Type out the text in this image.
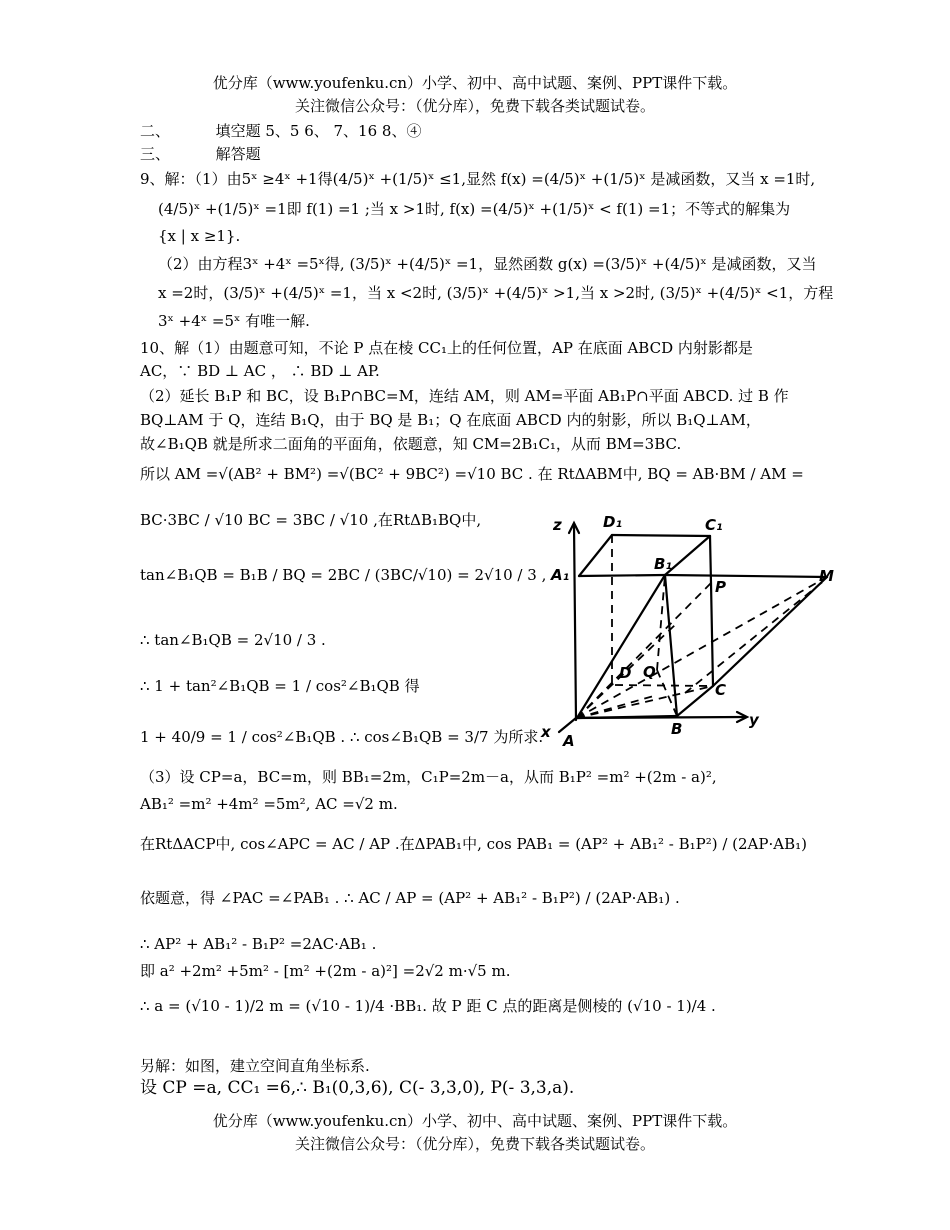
优分库（www.youfenku.cn）小学、初中、高中试题、案例、PPT课件下载。
关注微信公众号：（优分库），免费下载各类试题试卷。
二、	填空题 5、5 6、 7、16 8、④
三、	解答题
9、解：（1）由5ˣ ≥4ˣ +1得(4/5)ˣ +(1/5)ˣ ≤1,显然 f(x) =(4/5)ˣ +(1/5)ˣ 是减函数，又当 x =1时,
(4/5)ˣ +(1/5)ˣ =1即 f(1) =1 ;当 x >1时, f(x) =(4/5)ˣ +(1/5)ˣ < f(1) =1；不等式的解集为
{x | x ≥1}.
（2）由方程3ˣ +4ˣ =5ˣ得, (3/5)ˣ +(4/5)ˣ =1，显然函数 g(x) =(3/5)ˣ +(4/5)ˣ 是减函数，又当
x =2时，(3/5)ˣ +(4/5)ˣ =1，当 x <2时, (3/5)ˣ +(4/5)ˣ >1,当 x >2时, (3/5)ˣ +(4/5)ˣ <1，方程
3ˣ +4ˣ =5ˣ 有唯一解.
10、解（1）由题意可知，不论 P 点在棱 CC₁上的任何位置，AP 在底面 ABCD 内射影都是
AC，∵ BD ⊥ AC ， ∴ BD ⊥ AP.
（2）延长 B₁P 和 BC，设 B₁P∩BC=M，连结 AM，则 AM=平面 AB₁P∩平面 ABCD. 过 B 作
BQ⊥AM 于 Q，连结 B₁Q，由于 BQ 是 B₁；Q 在底面 ABCD 内的射影，所以 B₁Q⊥AM，
故∠B₁QB 就是所求二面角的平面角，依题意，知 CM=2B₁C₁，从而 BM=3BC.
所以 AM =√(AB² + BM²) =√(BC² + 9BC²) =√10 BC . 在 RtΔABM中, BQ = AB·BM / AM =
BC·3BC / √10 BC = 3BC / √10 ,在RtΔB₁BQ中,
tan∠B₁QB = B₁B / BQ = 2BC / (3BC/√10) = 2√10 / 3 ,
∴ tan∠B₁QB = 2√10 / 3 .
∴ 1 + tan²∠B₁QB = 1 / cos²∠B₁QB 得
1 + 40/9 = 1 / cos²∠B₁QB . ∴ cos∠B₁QB = 3/7 为所求.
（3）设 CP=a，BC=m，则 BB₁=2m，C₁P=2m－a，从而 B₁P² =m² +(2m - a)²,
AB₁² =m² +4m² =5m², AC =√2 m.
在RtΔACP中, cos∠APC = AC / AP .在ΔPAB₁中, cos PAB₁ = (AP² + AB₁² - B₁P²) / (2AP·AB₁)
依题意，得 ∠PAC =∠PAB₁ . ∴ AC / AP = (AP² + AB₁² - B₁P²) / (2AP·AB₁) .
∴ AP² + AB₁² - B₁P² =2AC·AB₁ .
即 a² +2m² +5m² - [m² +(2m - a)²] =2√2 m·√5 m.
∴ a = (√10 - 1)/2 m = (√10 - 1)/4 ·BB₁. 故 P 距 C 点的距离是侧棱的 (√10 - 1)/4 .
另解：如图，建立空间直角坐标系.
设 CP =a, CC₁ =6,∴ B₁(0,3,6), C(- 3,3,0), P(- 3,3,a).
z
y
x
D₁	C₁
B₁
A₁
P
M
D Q
C
B
A
优分库（www.youfenku.cn）小学、初中、高中试题、案例、PPT课件下载。
关注微信公众号：（优分库），免费下载各类试题试卷。
